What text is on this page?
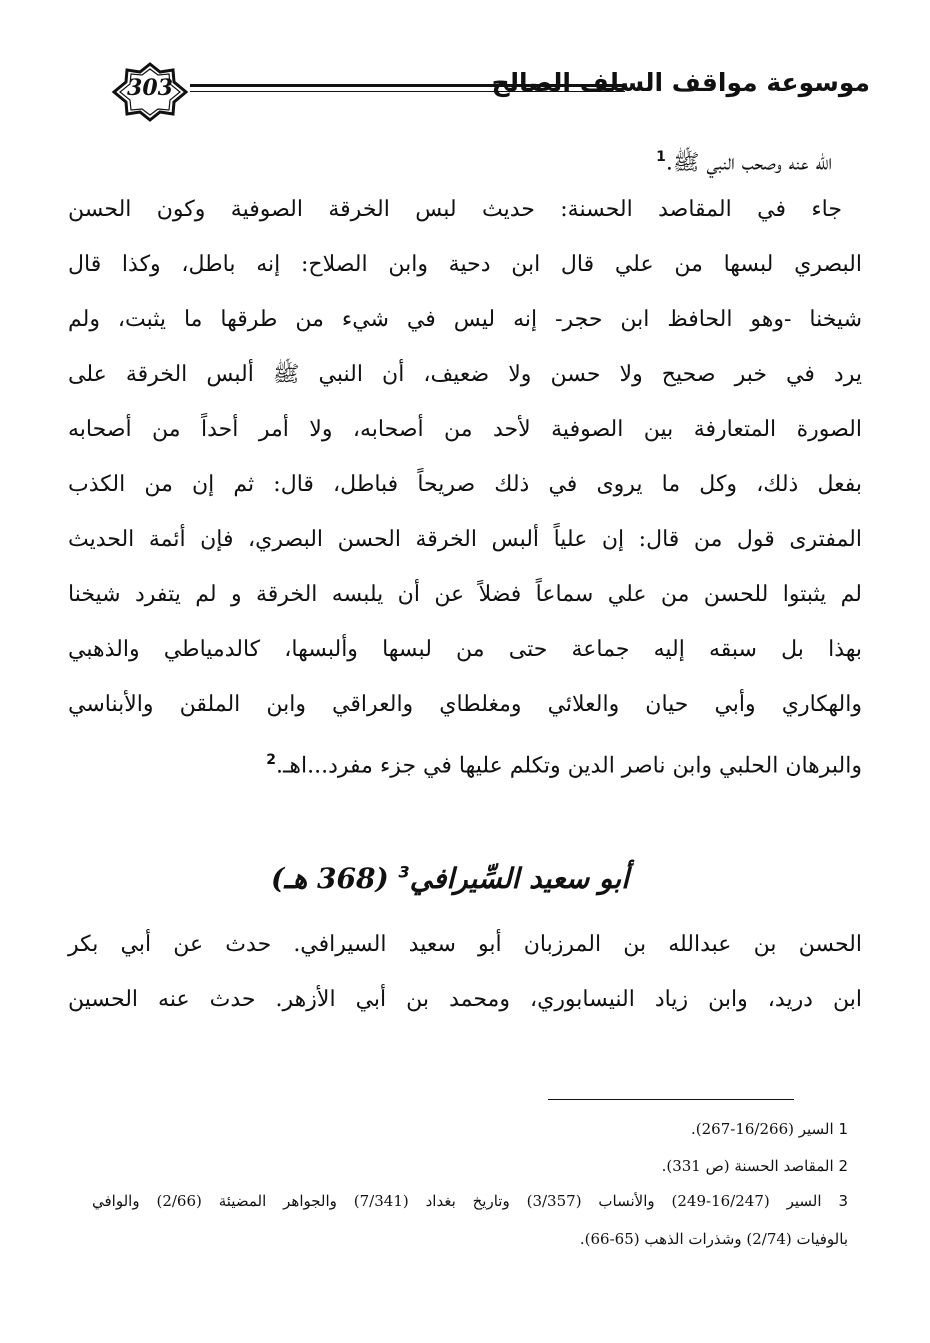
303	موسوعة مواقف السلف الصالح
الله عنه وصحب النبي ﷺ.$^1$
جاء في المقاصد الحسنة: حديث لبس الخرقة الصوفية وكون الحسن
البصري لبسها من علي قال ابن دحية وابن الصلاح: إنه باطل، وكذا قال
شيخنا -وهو الحافظ ابن حجر- إنه ليس في شيء من طرقها ما يثبت، ولم
يرد في خبر صحيح ولا حسن ولا ضعيف، أن النبي ﷺ ألبس الخرقة على
الصورة المتعارفة بين الصوفية لأحد من أصحابه، ولا أمر أحداً من أصحابه
بفعل ذلك، وكل ما يروى في ذلك صريحاً فباطل، قال: ثم إن من الكذب
المفترى قول من قال: إن علياً ألبس الخرقة الحسن البصري، فإن أئمة الحديث
لم يثبتوا للحسن من علي سماعاً فضلاً عن أن يلبسه الخرقة و لم يتفرد شيخنا
بهذا بل سبقه إليه جماعة حتى من لبسها وألبسها، كالدمياطي والذهبي
والهكاري وأبي حيان والعلائي ومغلطاي والعراقي وابن الملقن والأبناسي
والبرهان الحلبي وابن ناصر الدين وتكلم عليها في جزء مفرد...اهـ.$^2$
أبو سعيد السِّيرافي$^3$ (368 هـ)
الحسن بن عبدالله بن المرزبان أبو سعيد السيرافي. حدث عن أبي بكر
ابن دريد، وابن زياد النيسابوري، ومحمد بن أبي الأزهر. حدث عنه الحسين
1 السير (16/266-267).
2 المقاصد الحسنة (ص 331).
3 السير (16/247-249) والأنساب (3/357) وتاريخ بغداد (7/341) والجواهر المضيئة (2/66) والوافي
بالوفيات (2/74) وشذرات الذهب (65-66).
